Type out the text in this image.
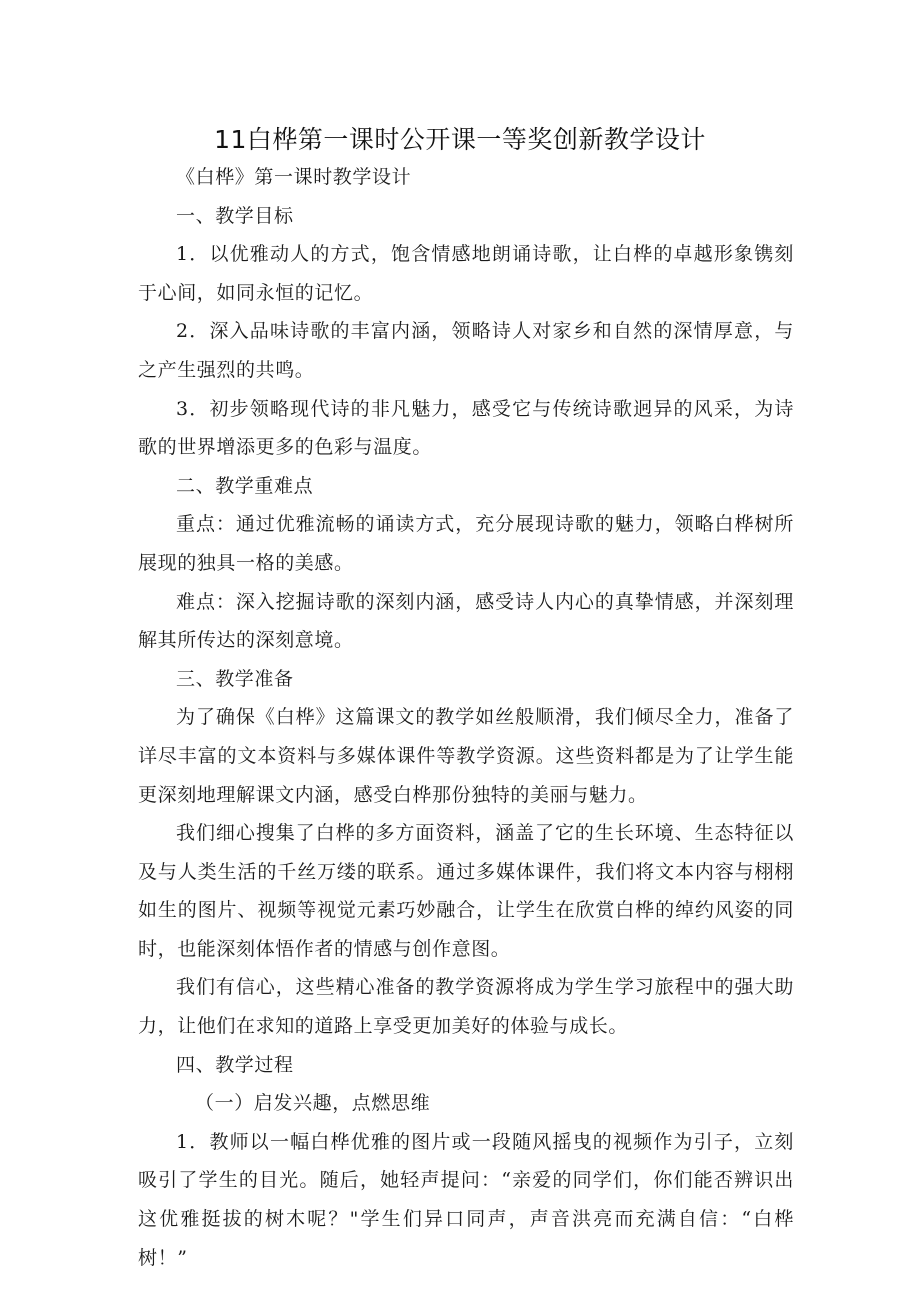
11白桦第一课时公开课一等奖创新教学设计

《白桦》第一课时教学设计

一、教学目标

1．以优雅动人的方式，饱含情感地朗诵诗歌，让白桦的卓越形象镌刻于心间，如同永恒的记忆。

2．深入品味诗歌的丰富内涵，领略诗人对家乡和自然的深情厚意，与之产生强烈的共鸣。

3．初步领略现代诗的非凡魅力，感受它与传统诗歌迥异的风采，为诗歌的世界增添更多的色彩与温度。

二、教学重难点

重点：通过优雅流畅的诵读方式，充分展现诗歌的魅力，领略白桦树所展现的独具一格的美感。

难点：深入挖掘诗歌的深刻内涵，感受诗人内心的真挚情感，并深刻理解其所传达的深刻意境。

三、教学准备

为了确保《白桦》这篇课文的教学如丝般顺滑，我们倾尽全力，准备了详尽丰富的文本资料与多媒体课件等教学资源。这些资料都是为了让学生能更深刻地理解课文内涵，感受白桦那份独特的美丽与魅力。

我们细心搜集了白桦的多方面资料，涵盖了它的生长环境、生态特征以及与人类生活的千丝万缕的联系。通过多媒体课件，我们将文本内容与栩栩如生的图片、视频等视觉元素巧妙融合，让学生在欣赏白桦的绰约风姿的同时，也能深刻体悟作者的情感与创作意图。

我们有信心，这些精心准备的教学资源将成为学生学习旅程中的强大助力，让他们在求知的道路上享受更加美好的体验与成长。

四、教学过程

（一）启发兴趣，点燃思维

1．教师以一幅白桦优雅的图片或一段随风摇曳的视频作为引子，立刻吸引了学生的目光。随后，她轻声提问：“亲爱的同学们，你们能否辨识出这优雅挺拔的树木呢？"学生们异口同声，声音洪亮而充满自信：“白桦树！”
